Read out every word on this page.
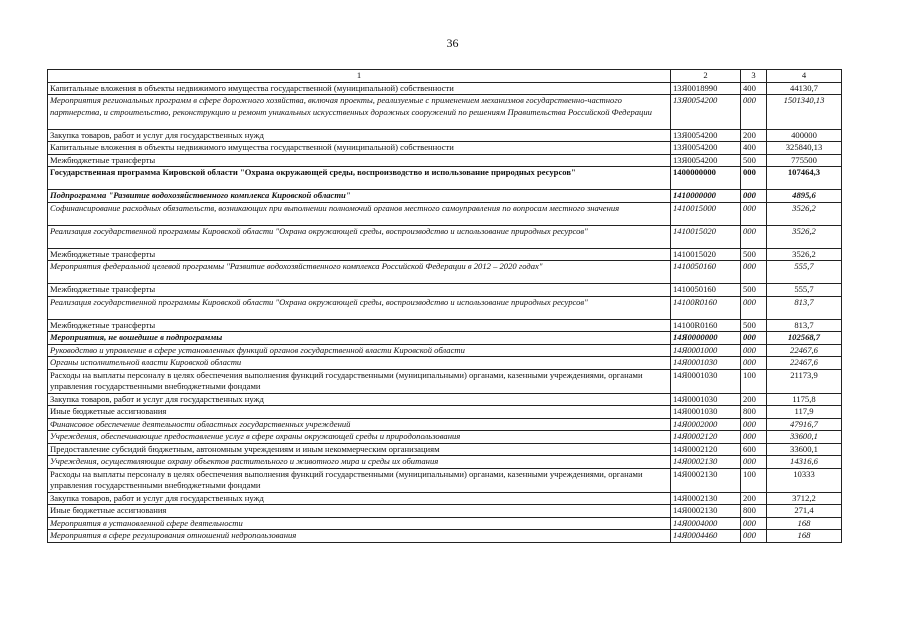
36
1	2	3	4
Капитальные вложения в объекты недвижимого имущества государственной (муниципальной) собственности	13Я0018990	400	44130,7
Мероприятия региональных программ в сфере дорожного хозяйства, включая проекты, реализуемые с применением механизмов государственно-частного партнерства, и строительство, реконструкцию и ремонт уникальных искусственных дорожных сооружений по решениям Правительства Российской Федерации	13Я0054200	000	1501340,13
Закупка товаров, работ и услуг для государственных нужд	13Я0054200	200	400000
Капитальные вложения в объекты недвижимого имущества государственной (муниципальной) собственности	13Я0054200	400	325840,13
Межбюджетные трансферты	13Я0054200	500	775500
Государственная программа Кировской области "Охрана окружающей среды, воспроизводство и использование природных ресурсов"	1400000000	000	107464,3
Подпрограмма "Развитие водохозяйственного комплекса Кировской области"	1410000000	000	4895,6
Софинансирование расходных обязательств, возникающих при выполнении полномочий органов местного самоуправления по вопросам местного значения	1410015000	000	3526,2
Реализация государственной программы Кировской области "Охрана окружающей среды, воспроизводство и использование природных ресурсов"	1410015020	000	3526,2
Межбюджетные трансферты	1410015020	500	3526,2
Мероприятия федеральной целевой программы "Развитие водохозяйственного комплекса Российской Федерации в 2012 – 2020 годах"	1410050160	000	555,7
Межбюджетные трансферты	1410050160	500	555,7
Реализация государственной программы Кировской области "Охрана окружающей среды, воспроизводство и использование природных ресурсов"	14100R0160	000	813,7
Межбюджетные трансферты	14100R0160	500	813,7
Мероприятия, не вошедшие в подпрограммы	14Я0000000	000	102568,7
Руководство и управление в сфере установленных функций органов государственной власти Кировской области	14Я0001000	000	22467,6
Органы исполнительной власти Кировской области	14Я0001030	000	22467,6
Расходы на выплаты персоналу в целях обеспечения выполнения функций государственными (муниципальными) органами, казенными учреждениями, органами управления государственными внебюджетными фондами	14Я0001030	100	21173,9
Закупка товаров, работ и услуг для государственных нужд	14Я0001030	200	1175,8
Иные бюджетные ассигнования	14Я0001030	800	117,9
Финансовое обеспечение деятельности областных государственных учреждений	14Я0002000	000	47916,7
Учреждения, обеспечивающие предоставление услуг в сфере охраны окружающей среды и природопользования	14Я0002120	000	33600,1
Предоставление субсидий бюджетным, автономным учреждениям и иным некоммерческим организациям	14Я0002120	600	33600,1
Учреждения, осуществляющие охрану объектов растительного и животного мира и среды их обитания	14Я0002130	000	14316,6
Расходы на выплаты персоналу в целях обеспечения выполнения функций государственными (муниципальными) органами, казенными учреждениями, органами управления государственными внебюджетными фондами	14Я0002130	100	10333
Закупка товаров, работ и услуг для государственных нужд	14Я0002130	200	3712,2
Иные бюджетные ассигнования	14Я0002130	800	271,4
Мероприятия в установленной сфере деятельности	14Я0004000	000	168
Мероприятия в сфере регулирования отношений недропользования	14Я0004460	000	168
